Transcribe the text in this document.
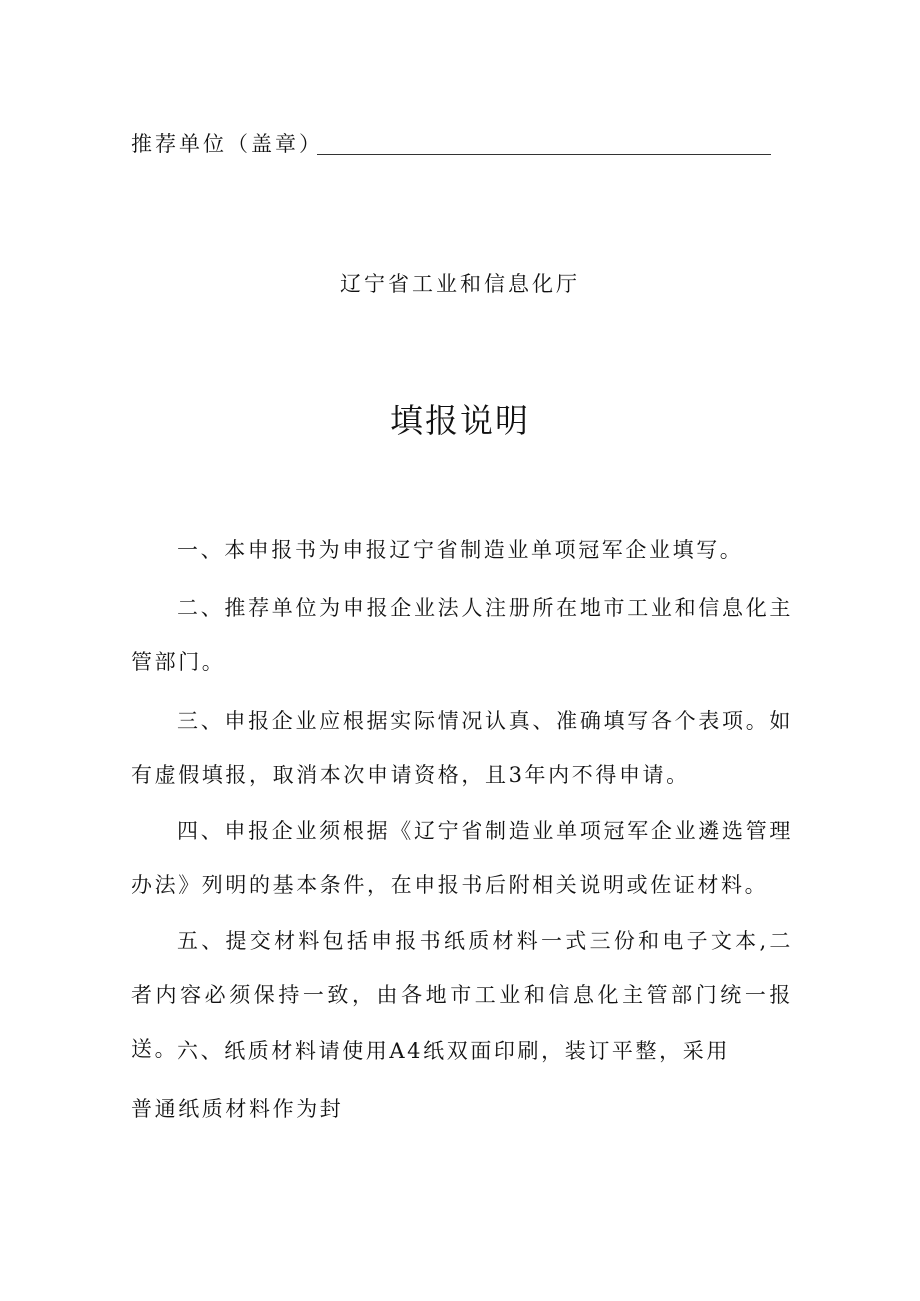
推荐单位（盖章）

辽宁省工业和信息化厅

填报说明

一、本申报书为申报辽宁省制造业单项冠军企业填写。

二、推荐单位为申报企业法人注册所在地市工业和信息化主管部门。

三、申报企业应根据实际情况认真、准确填写各个表项。如有虚假填报，取消本次申请资格，且3年内不得申请。

四、申报企业须根据《辽宁省制造业单项冠军企业遴选管理办法》列明的基本条件，在申报书后附相关说明或佐证材料。

五、提交材料包括申报书纸质材料一式三份和电子文本,二者内容必须保持一致，由各地市工业和信息化主管部门统一报送。

六、纸质材料请使用A4纸双面印刷，装订平整，采用

普通纸质材料作为封
